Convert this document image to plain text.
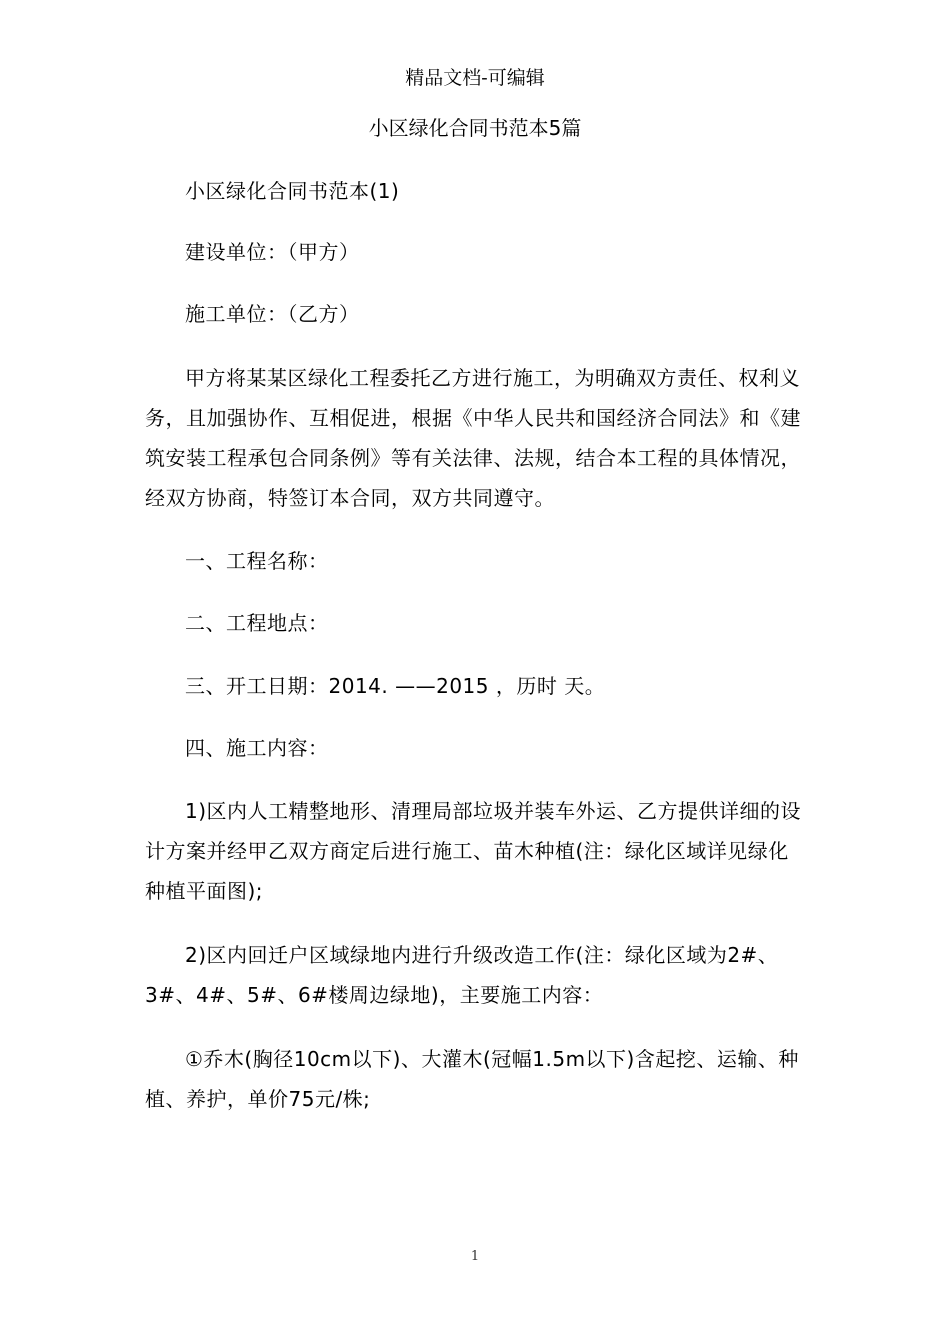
精品文档-可编辑
小区绿化合同书范本5篇
小区绿化合同书范本(1)
建设单位：（甲方）
施工单位：（乙方）
甲方将某某区绿化工程委托乙方进行施工，为明确双方责任、权利义务，且加强协作、互相促进，根据《中华人民共和国经济合同法》和《建筑安装工程承包合同条例》等有关法律、法规，结合本工程的具体情况，经双方协商，特签订本合同，双方共同遵守。
一、工程名称：
二、工程地点：
三、开工日期：2014. ——2015 ，历时 天。
四、施工内容：
1)区内人工精整地形、清理局部垃圾并装车外运、乙方提供详细的设计方案并经甲乙双方商定后进行施工、苗木种植(注：绿化区域详见绿化种植平面图);
2)区内回迁户区域绿地内进行升级改造工作(注：绿化区域为2#、3#、4#、5#、6#楼周边绿地)，主要施工内容：
①乔木(胸径10cm以下)、大灌木(冠幅1.5m以下)含起挖、运输、种植、养护，单价75元/株;
1
